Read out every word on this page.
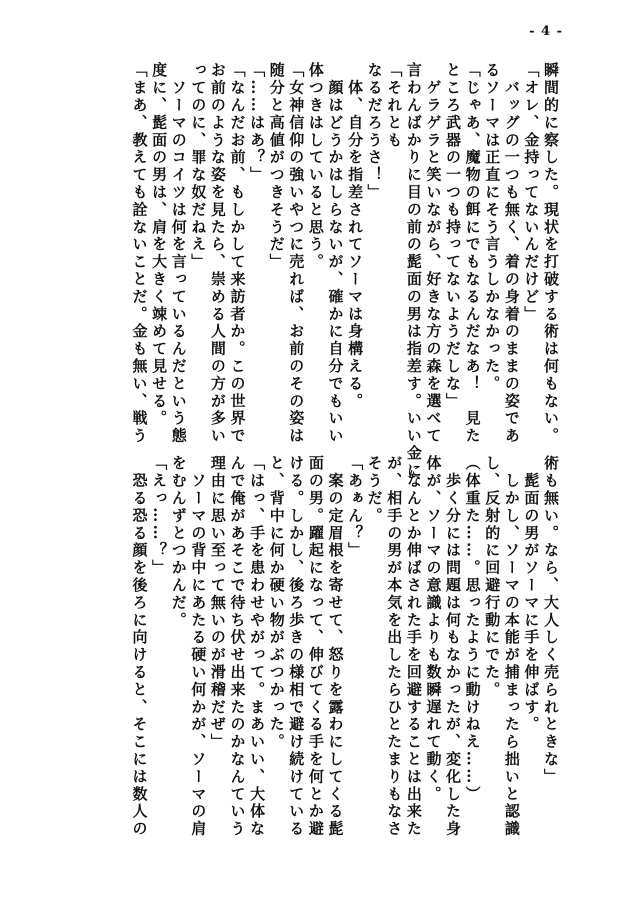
- 4 -
瞬間的に察した。現状を打破する術は何もない。
「オレ、金持ってないんだけど」
　バッグの一つも無く、着の身着のままの姿であ
るソーマは正直にそう言うしかなかった。
「じゃあ、魔物の餌にでもなるんだなあ！　見た
ところ武器の一つも持ってないようだしな」
　ゲラゲラと笑いながら、好きな方の森を選べて
言わんばかりに目の前の髭面の男は指差す。いい金に
「それとも
なるだろうさ！」
　体、自分を指差されてソーマは身構える。
　顔はどうかはしらないが、確かに自分でもいい
体つきはしていると思う。
「女神信仰の強いやつに売れば、お前のその姿は
随分と高値がつきそうだ」
「……はあ？」
「なんだお前、もしかして来訪者か。この世界で
お前のような姿を見たら、崇める人間の方が多い
ってのに、罪な奴だねえ」
　ソーマのコイツは何を言っているんだという態
度に、髭面の男は、肩を大きく竦めて見せる。
「まあ、教えても詮ないことだ。金も無い、戦う
術も無い。なら、大人しく売られときな」
　髭面の男がソーマに手を伸ばす。
　しかし、ソーマの本能が捕まったら拙いと認識
し、反射的に回避行動にでた。
（体重た……。思ったように動けねえ……）
　歩く分には問題は何もなかったが、変化した身
体が、ソーマの意識よりも数瞬遅れて動く。
　なんとか伸ばされた手を回避することは出来た
が、相手の男が本気を出したらひとたまりもなさ
そうだ。
「あぁん？」
　案の定眉根を寄せて、怒りを露わにしてくる髭
面の男。躍起になって、伸びてくる手を何とか避
ける。しかし、後ろ歩きの様相で避け続けている
と、背中に何か硬い物がぶつかった。
「はっ、手を患わせやがって。まあいい、大体な
んで俺があそこで待ち伏せ出来たのかなんていう
理由に思い至って無いのが滑稽だぜ」
　ソーマの背中にあたる硬い何かが、ソーマの肩
をむんずとつかんだ。
「えっ……？」
　恐る恐る顔を後ろに向けると、そこには数人の
